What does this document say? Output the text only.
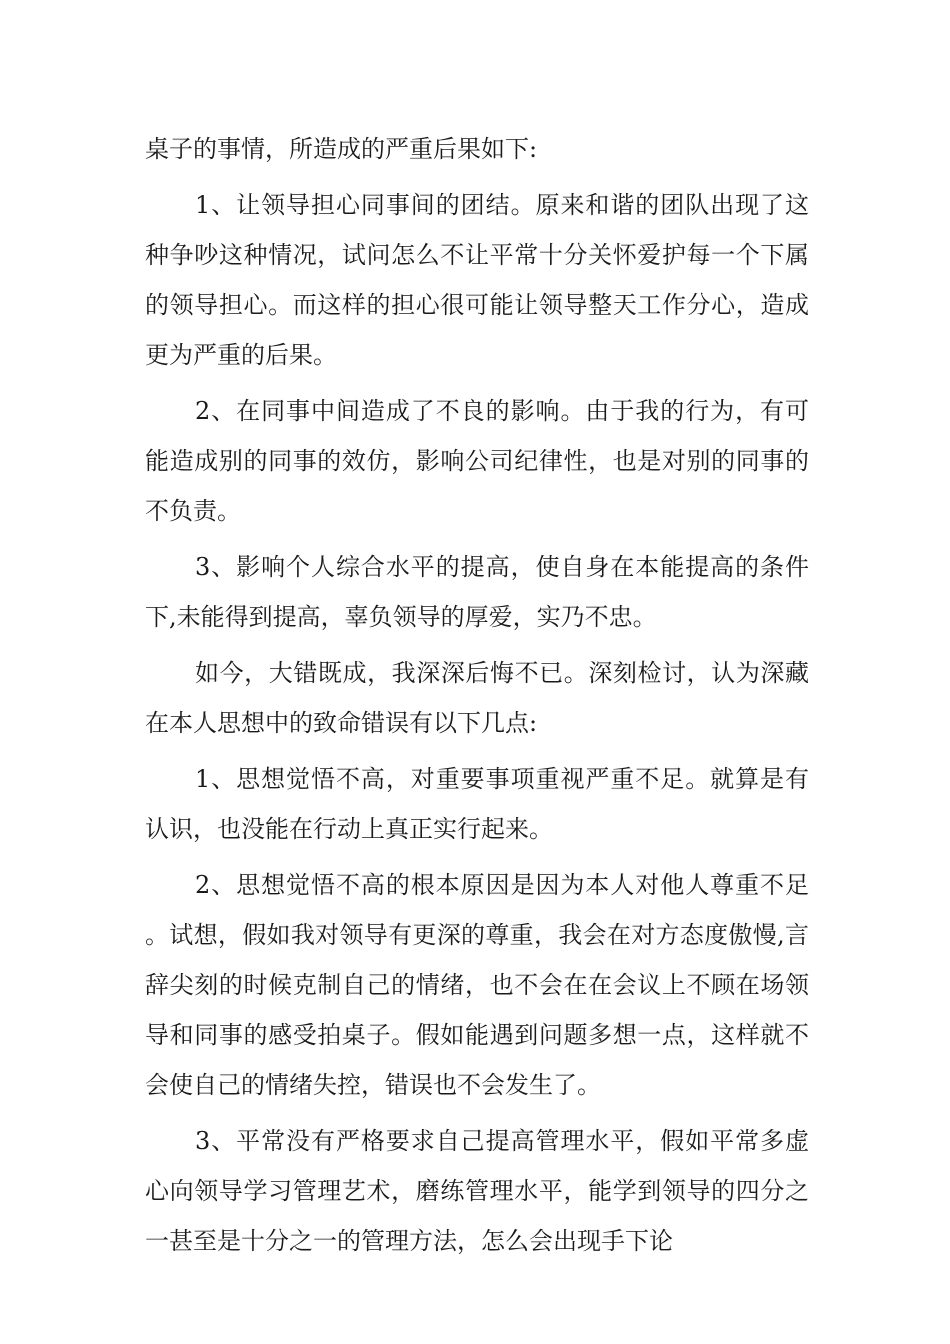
桌子的事情，所造成的严重后果如下:

1、让领导担心同事间的团结。原来和谐的团队出现了这种争吵这种情况，试问怎么不让平常十分关怀爱护每一个下属的领导担心。而这样的担心很可能让领导整天工作分心，造成更为严重的后果。

2、在同事中间造成了不良的影响。由于我的行为，有可能造成别的同事的效仿，影响公司纪律性，也是对别的同事的不负责。

3、影响个人综合水平的提高，使自身在本能提高的条件下,未能得到提高，辜负领导的厚爱，实乃不忠。

如今，大错既成，我深深后悔不已。深刻检讨，认为深藏在本人思想中的致命错误有以下几点:

1、思想觉悟不高，对重要事项重视严重不足。就算是有认识，也没能在行动上真正实行起来。

2、思想觉悟不高的根本原因是因为本人对他人尊重不足。试想，假如我对领导有更深的尊重，我会在对方态度傲慢,言辞尖刻的时候克制自己的情绪，也不会在在会议上不顾在场领导和同事的感受拍桌子。假如能遇到问题多想一点，这样就不会使自己的情绪失控，错误也不会发生了。

3、平常没有严格要求自己提高管理水平，假如平常多虚心向领导学习管理艺术，磨练管理水平，能学到领导的四分之一甚至是十分之一的管理方法，怎么会出现手下论
